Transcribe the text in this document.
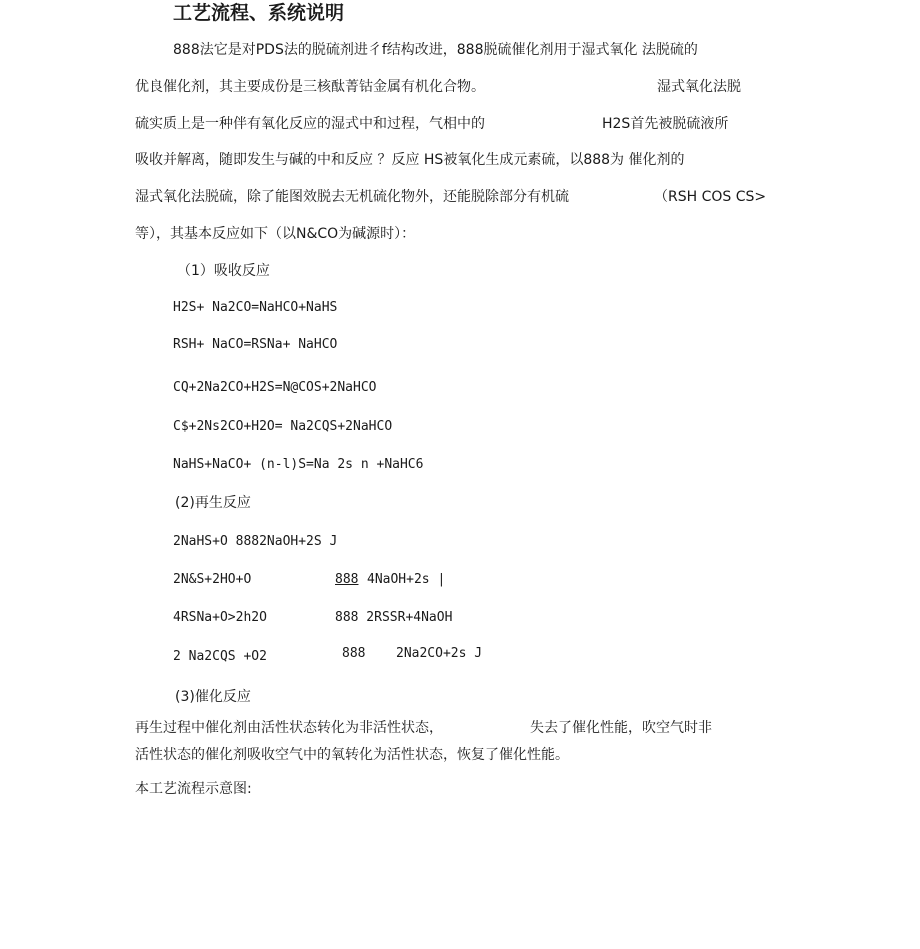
工艺流程、系统说明
888法它是对PDS法的脱硫剂进彳f结构改进，888脱硫催化剂用于湿式氧化 法脱硫的
优良催化剂，其主要成份是三核酞菁钴金属有机化合物。	湿式氧化法脱
硫实质上是一种伴有氧化反应的湿式中和过程，气相中的	H2S首先被脱硫液所
吸收并解离，随即发生与碱的中和反应 ？反应 HS被氧化生成元素硫，以888为 催化剂的
湿式氧化法脱硫，除了能图效脱去无机硫化物外，还能脱除部分有机硫	（RSH COS CS>
等），其基本反应如下（以N&CO为碱源时）：
（1）吸收反应
H2S+ Na2CO=NaHCO+NaHS
RSH+ NaCO=RSNa+ NaHCO
CQ+2Na2CO+H2S=N@COS+2NaHCO
C$+2Ns2CO+H2O= Na2CQS+2NaHCO
NaHS+NaCO+ (n-l)S=Na 2s n +NaHC6
(2)再生反应
2NaHS+O 8882NaOH+2S J
2N&S+2HO+O	888 4NaOH+2s |
4RSNa+O>2h2O	888 2RSSR+4NaOH
2 Na2CQS +O2	888 2Na2CO+2s J
(3)催化反应
再生过程中催化剂由活性状态转化为非活性状态，	失去了催化性能，吹空气时非
活性状态的催化剂吸收空气中的氧转化为活性状态，恢复了催化性能。
本工艺流程示意图:
